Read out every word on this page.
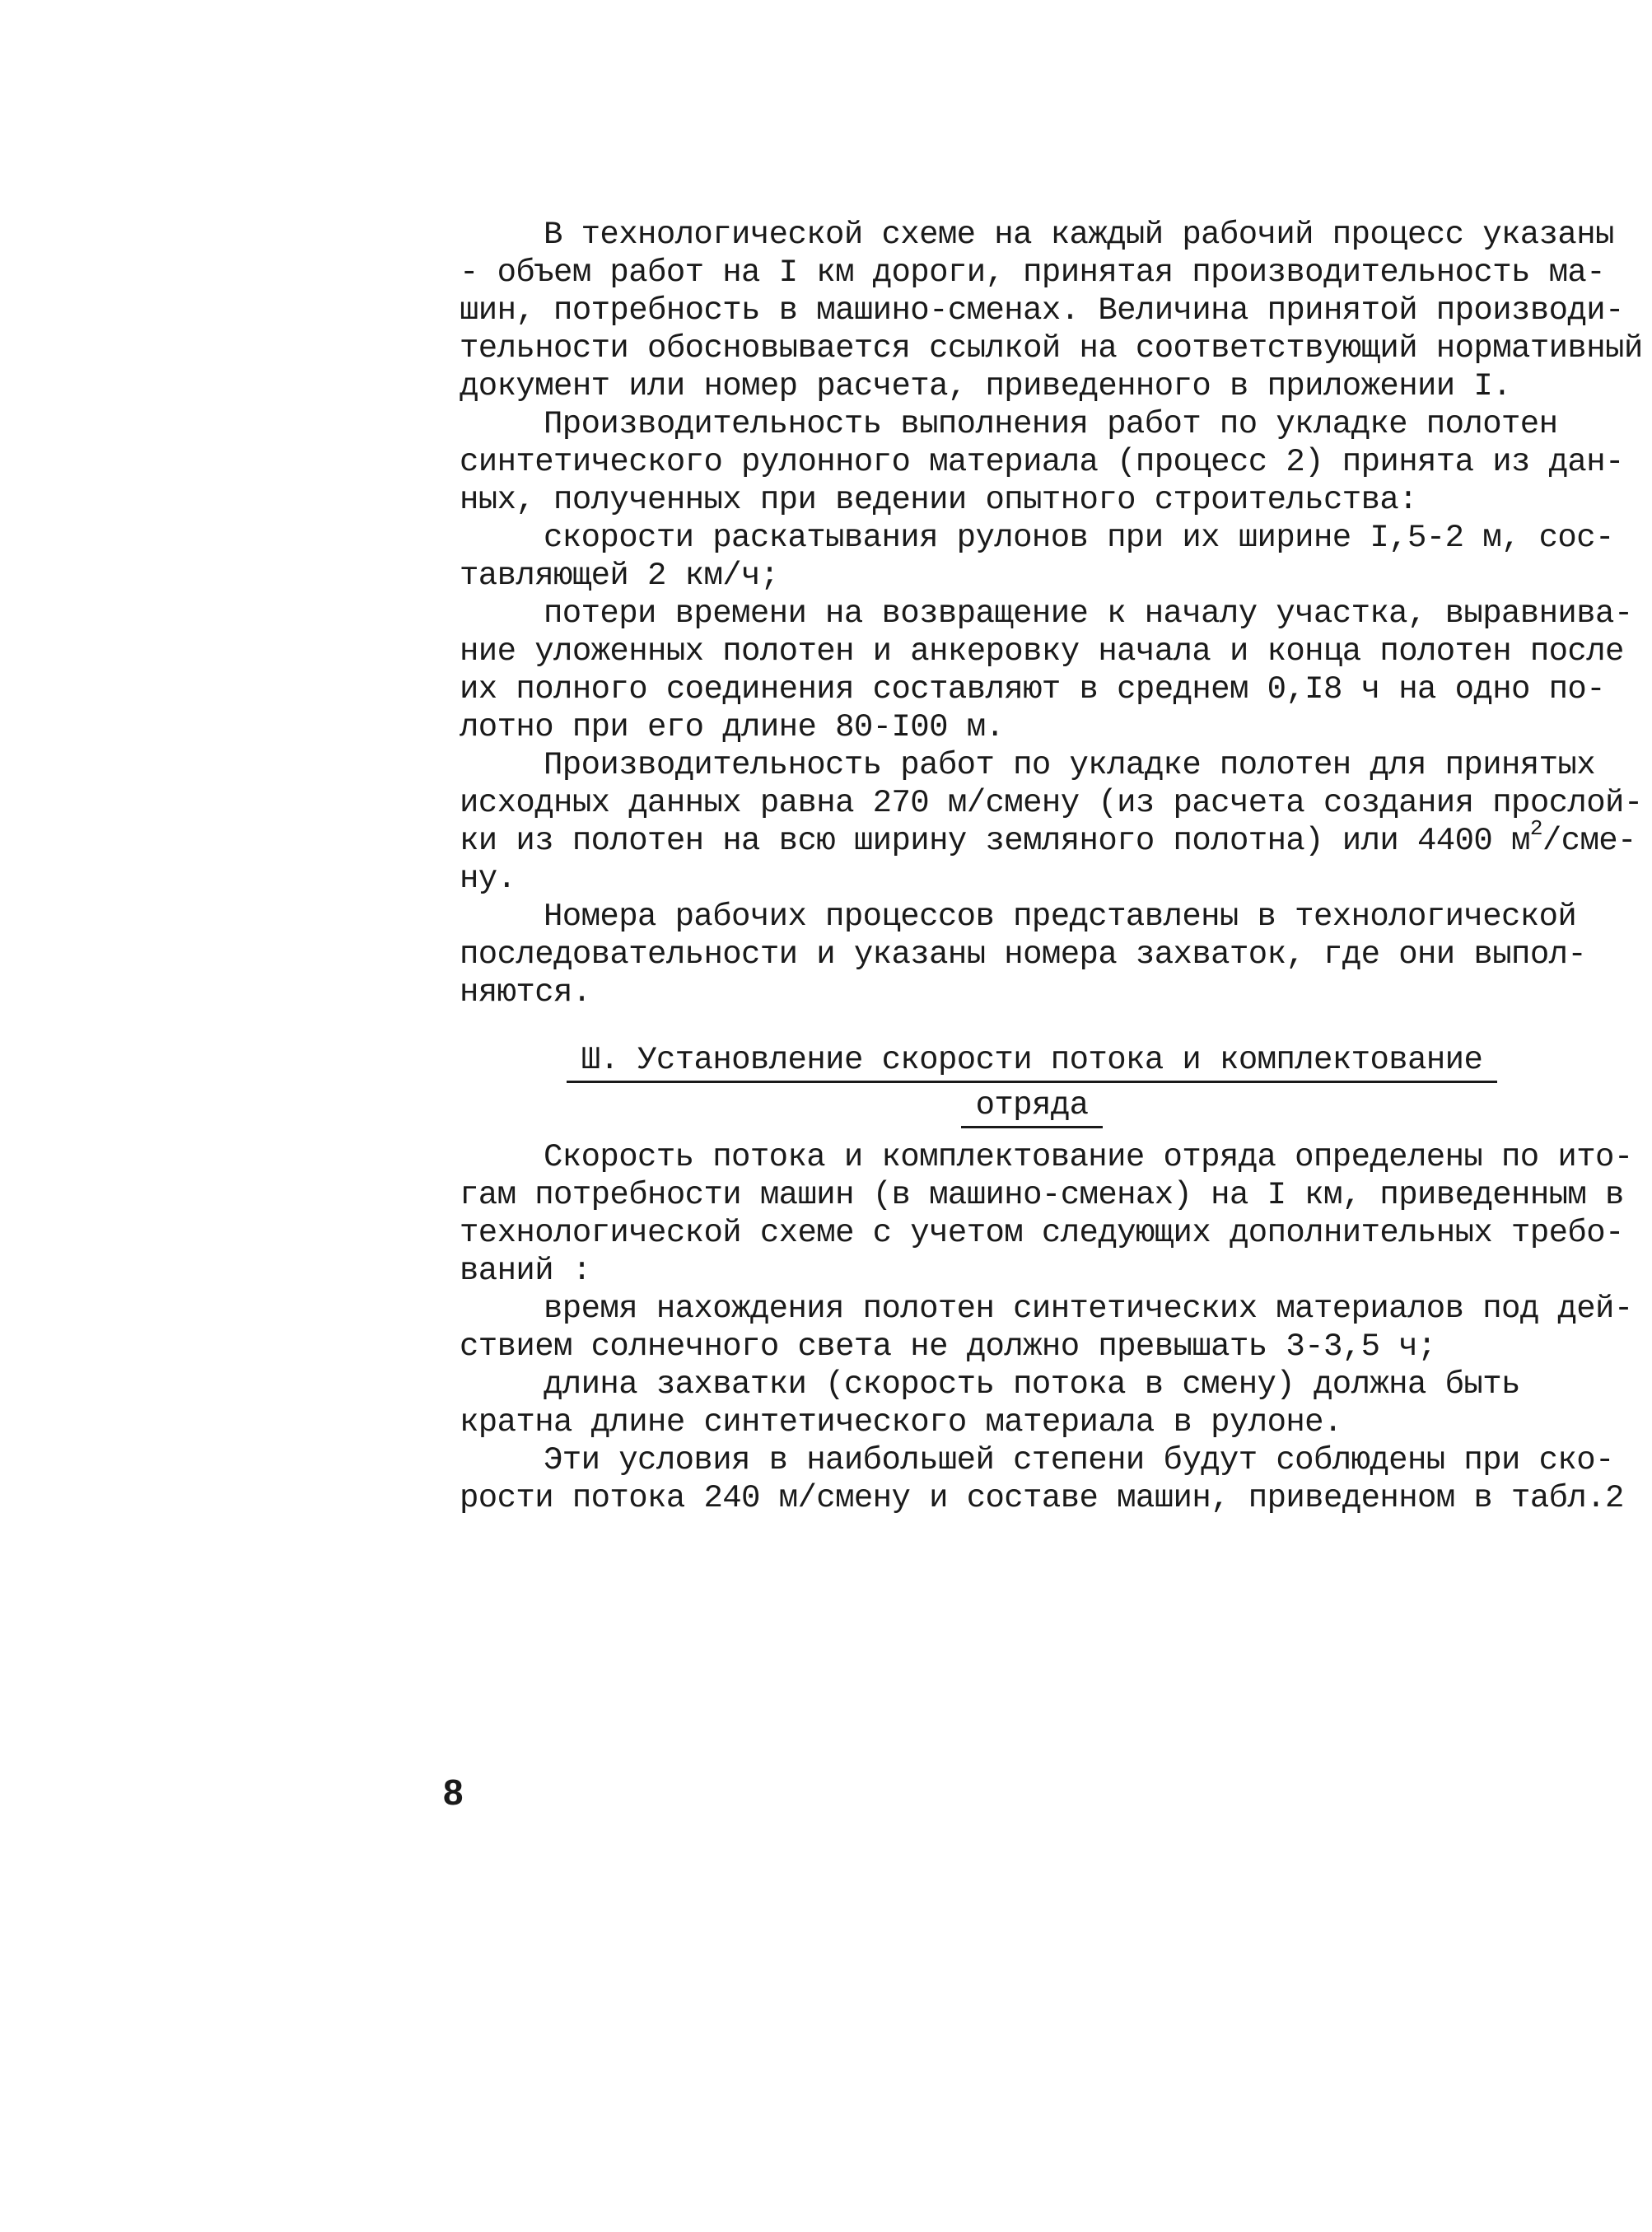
В технологической схеме на каждый рабочий процесс указаны
- объем работ на I км дороги, принятая производительность ма-
шин, потребность в машино-сменах. Величина принятой производи-
тельности обосновывается ссылкой на соответствующий нормативный
документ или номер расчета, приведенного в приложении I.
Производительность выполнения работ по укладке полотен
синтетического рулонного материала (процесс 2) принята из дан-
ных, полученных при ведении опытного строительства:
скорости раскатывания рулонов при их ширине I,5-2 м, сос-
тавляющей 2 км/ч;
потери времени на возвращение к началу участка, выравнива-
ние уложенных полотен и анкеровку начала и конца полотен после
их полного соединения составляют в среднем 0,I8 ч на одно по-
лотно при его длине 80-I00 м.
Производительность работ по укладке полотен для принятых
исходных данных равна 270 м/смену (из расчета создания прослой-
ки из полотен на всю ширину земляного полотна) или 4400 $м^2/сме-$
ну.
Номера рабочих процессов представлены в технологической
последовательности и указаны номера захваток, где они выпол-
няются.
Ш. Установление скорости потока и комплектование
отряда
Скорость потока и комплектование отряда определены по ито-
гам потребности машин (в машино-сменах) на I км, приведенным в
технологической схеме с учетом следующих дополнительных требо-
ваний :
время нахождения полотен синтетических материалов под дей-
ствием солнечного света не должно превышать 3-3,5 ч;
длина захватки (скорость потока в смену) должна быть
кратна длине синтетического материала в рулоне.
Эти условия в наибольшей степени будут соблюдены при ско-
рости потока 240 м/смену и составе машин, приведенном в табл.2
8
